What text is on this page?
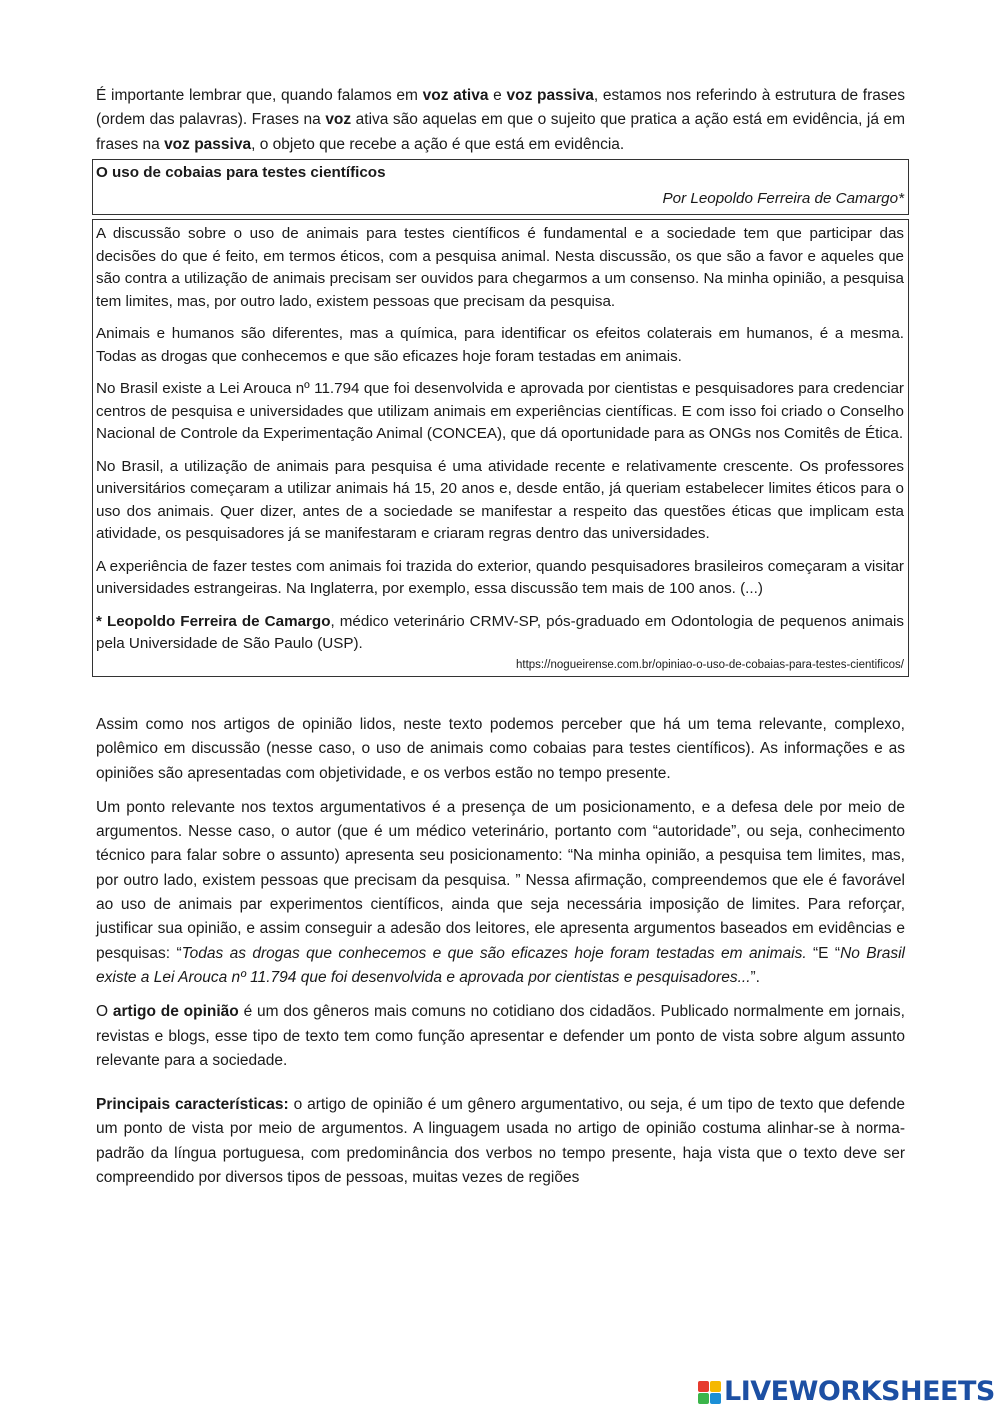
É importante lembrar que, quando falamos em voz ativa e voz passiva, estamos nos referindo à estrutura de frases (ordem das palavras). Frases na voz ativa são aquelas em que o sujeito que pratica a ação está em evidência, já em frases na voz passiva, o objeto que recebe a ação é que está em evidência.

O uso de cobaias para testes científicos
Por Leopoldo Ferreira de Camargo*

A discussão sobre o uso de animais para testes científicos é fundamental e a sociedade tem que participar das decisões do que é feito, em termos éticos, com a pesquisa animal. Nesta discussão, os que são a favor e aqueles que são contra a utilização de animais precisam ser ouvidos para chegarmos a um consenso. Na minha opinião, a pesquisa tem limites, mas, por outro lado, existem pessoas que precisam da pesquisa.

Animais e humanos são diferentes, mas a química, para identificar os efeitos colaterais em humanos, é a mesma. Todas as drogas que conhecemos e que são eficazes hoje foram testadas em animais.

No Brasil existe a Lei Arouca nº 11.794 que foi desenvolvida e aprovada por cientistas e pesquisadores para credenciar centros de pesquisa e universidades que utilizam animais em experiências científicas. E com isso foi criado o Conselho Nacional de Controle da Experimentação Animal (CONCEA), que dá oportunidade para as ONGs nos Comitês de Ética.

No Brasil, a utilização de animais para pesquisa é uma atividade recente e relativamente crescente. Os professores universitários começaram a utilizar animais há 15, 20 anos e, desde então, já queriam estabelecer limites éticos para o uso dos animais. Quer dizer, antes de a sociedade se manifestar a respeito das questões éticas que implicam esta atividade, os pesquisadores já se manifestaram e criaram regras dentro das universidades.

A experiência de fazer testes com animais foi trazida do exterior, quando pesquisadores brasileiros começaram a visitar universidades estrangeiras. Na Inglaterra, por exemplo, essa discussão tem mais de 100 anos. (...)

* Leopoldo Ferreira de Camargo, médico veterinário CRMV-SP, pós-graduado em Odontologia de pequenos animais pela Universidade de São Paulo (USP).

https://nogueirense.com.br/opiniao-o-uso-de-cobaias-para-testes-cientificos/

Assim como nos artigos de opinião lidos, neste texto podemos perceber que há um tema relevante, complexo, polêmico em discussão (nesse caso, o uso de animais como cobaias para testes científicos). As informações e as opiniões são apresentadas com objetividade, e os verbos estão no tempo presente.

Um ponto relevante nos textos argumentativos é a presença de um posicionamento, e a defesa dele por meio de argumentos. Nesse caso, o autor (que é um médico veterinário, portanto com “autoridade”, ou seja, conhecimento técnico para falar sobre o assunto) apresenta seu posicionamento: “Na minha opinião, a pesquisa tem limites, mas, por outro lado, existem pessoas que precisam da pesquisa. ” Nessa afirmação, compreendemos que ele é favorável ao uso de animais par experimentos científicos, ainda que seja necessária imposição de limites. Para reforçar, justificar sua opinião, e assim conseguir a adesão dos leitores, ele apresenta argumentos baseados em evidências e pesquisas: “Todas as drogas que conhecemos e que são eficazes hoje foram testadas em animais. “E “No Brasil existe a Lei Arouca nº 11.794 que foi desenvolvida e aprovada por cientistas e pesquisadores...”.

O artigo de opinião é um dos gêneros mais comuns no cotidiano dos cidadãos. Publicado normalmente em jornais, revistas e blogs, esse tipo de texto tem como função apresentar e defender um ponto de vista sobre algum assunto relevante para a sociedade.

Principais características: o artigo de opinião é um gênero argumentativo, ou seja, é um tipo de texto que defende um ponto de vista por meio de argumentos. A linguagem usada no artigo de opinião costuma alinhar-se à norma-padrão da língua portuguesa, com predominância dos verbos no tempo presente, haja vista que o texto deve ser compreendido por diversos tipos de pessoas, muitas vezes de regiões

LIVEWORKSHEETS
